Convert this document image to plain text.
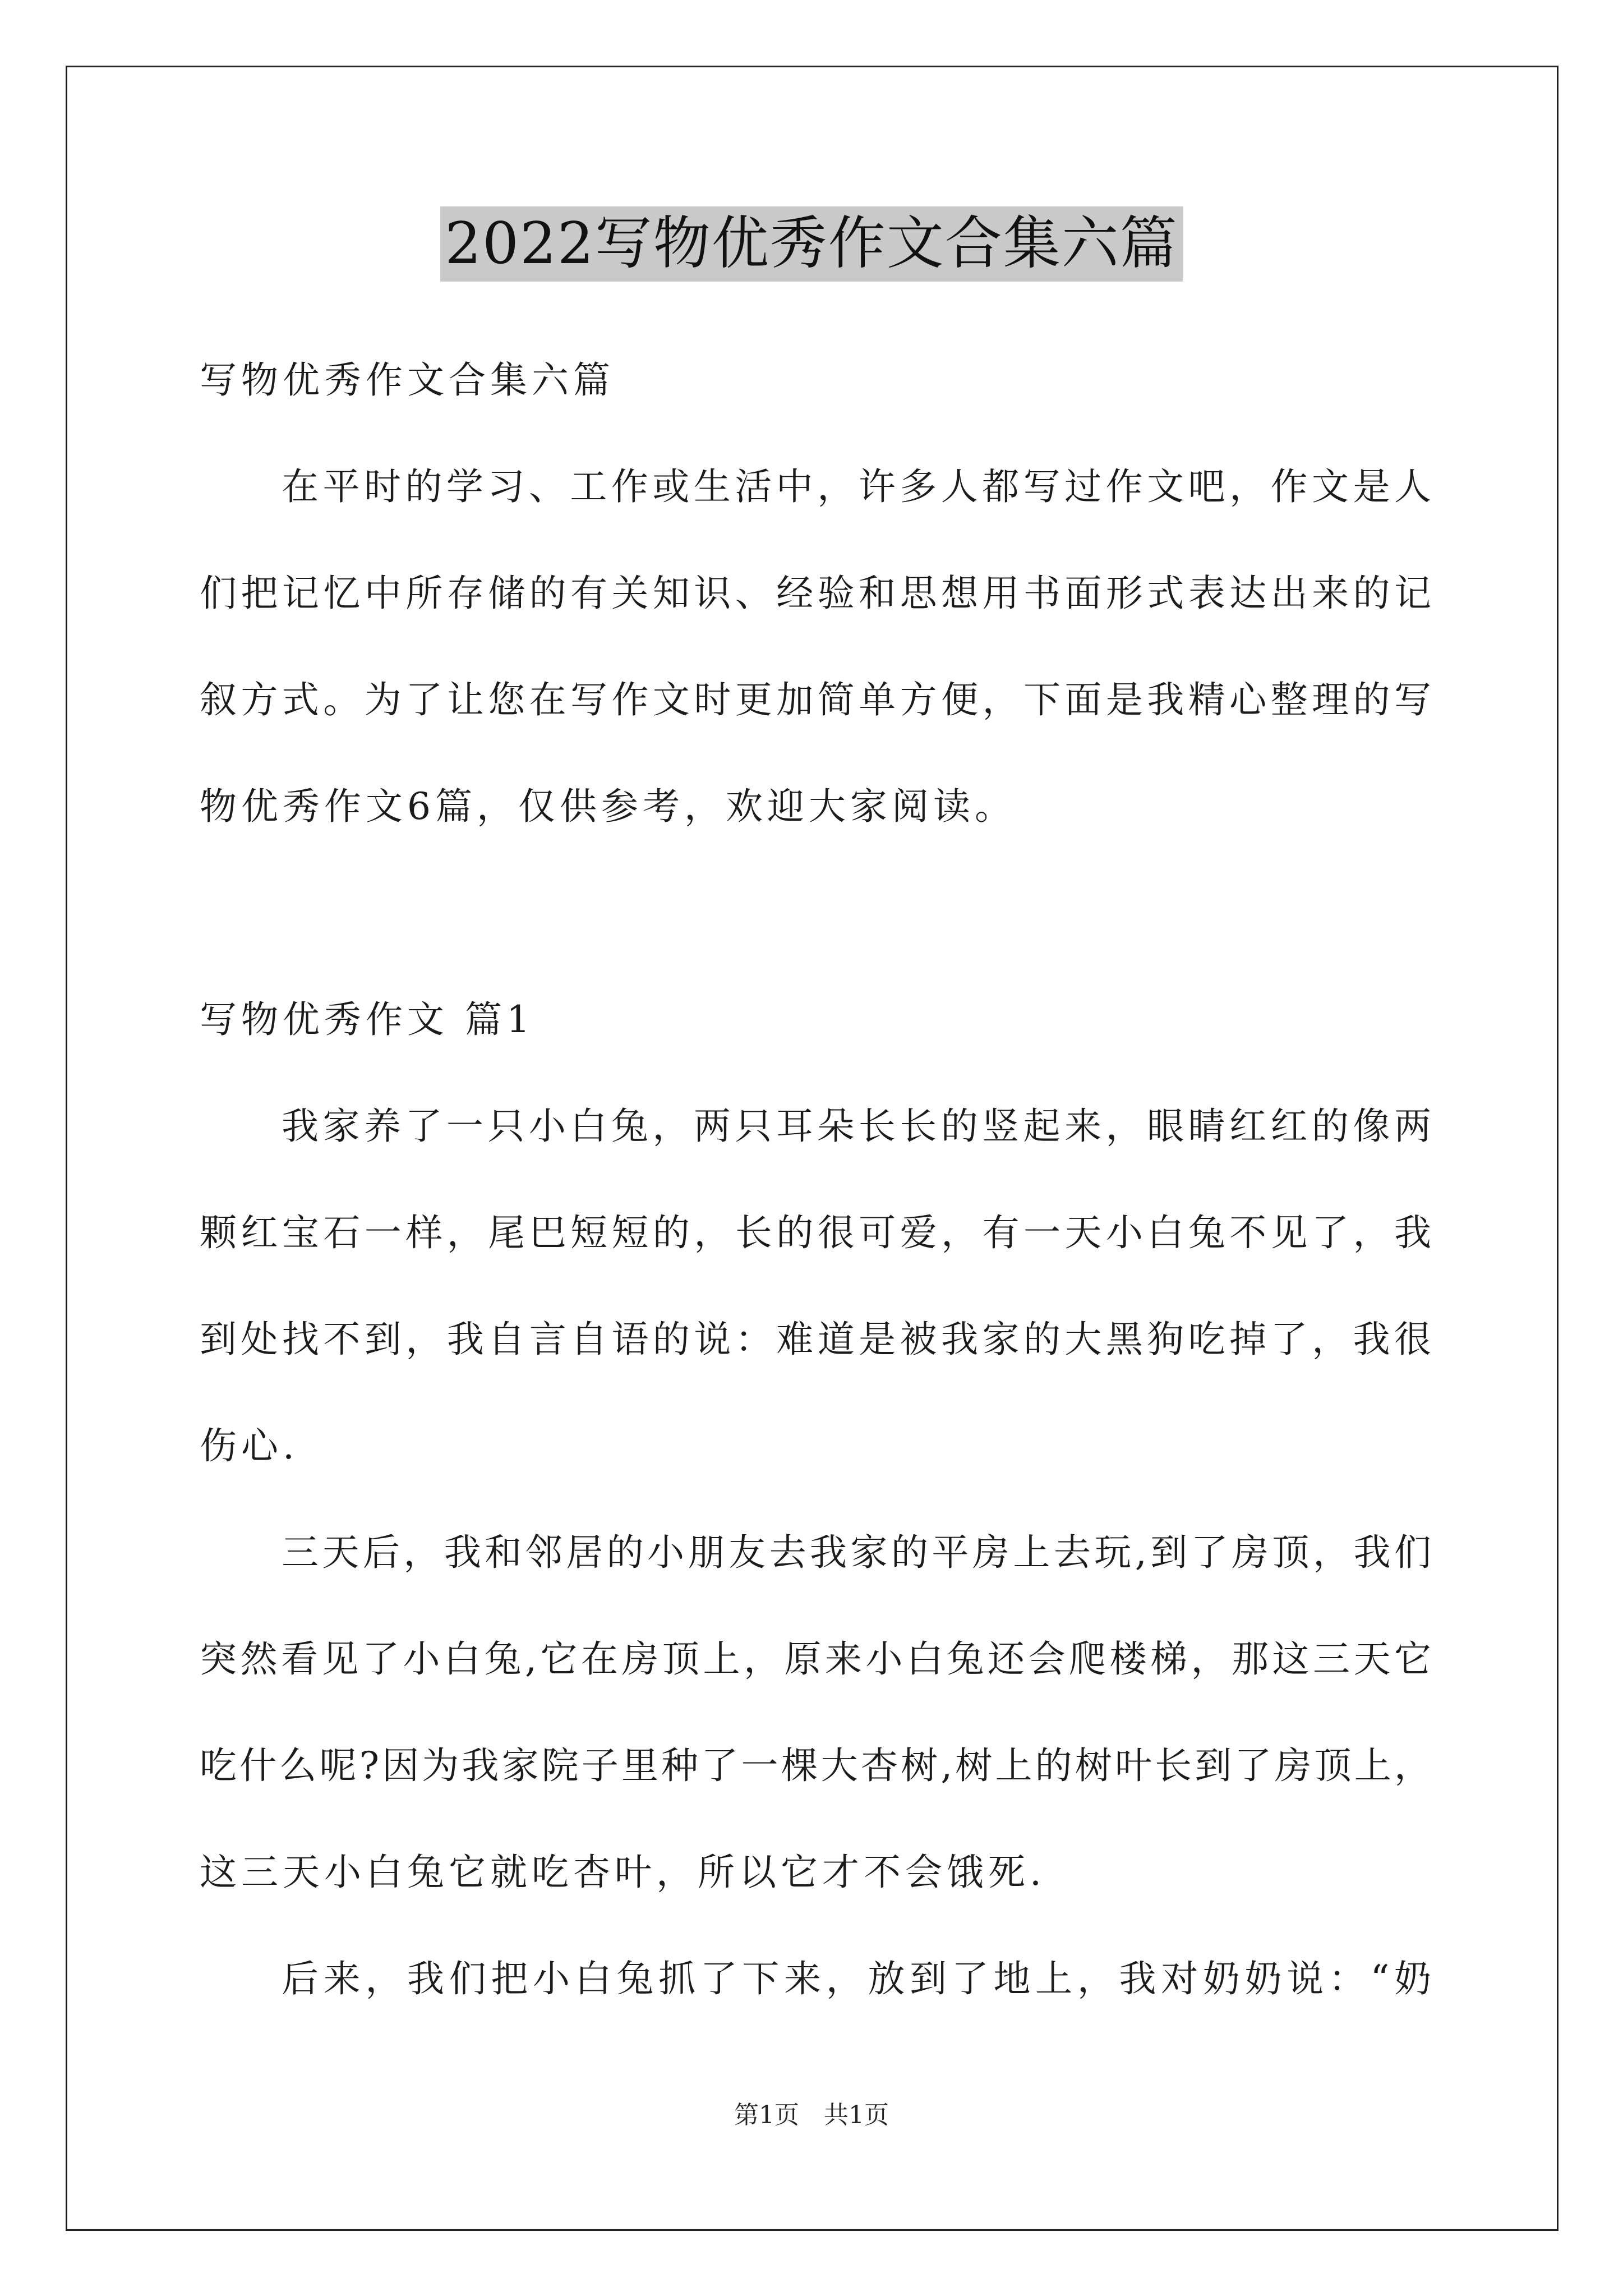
2022写物优秀作文合集六篇
写物优秀作文合集六篇
在平时的学习、工作或生活中，许多人都写过作文吧，作文是人
们把记忆中所存储的有关知识、经验和思想用书面形式表达出来的记
叙方式。为了让您在写作文时更加简单方便，下面是我精心整理的写
物优秀作文6篇，仅供参考，欢迎大家阅读。
写物优秀作文 篇1
我家养了一只小白兔，两只耳朵长长的竖起来，眼睛红红的像两
颗红宝石一样，尾巴短短的，长的很可爱，有一天小白兔不见了，我
到处找不到，我自言自语的说：难道是被我家的大黑狗吃掉了，我很
伤心.
三天后，我和邻居的小朋友去我家的平房上去玩,到了房顶，我们
突然看见了小白兔,它在房顶上，原来小白兔还会爬楼梯，那这三天它
吃什么呢?因为我家院子里种了一棵大杏树,树上的树叶长到了房顶上，
这三天小白兔它就吃杏叶，所以它才不会饿死.
后来，我们把小白兔抓了下来，放到了地上，我对奶奶说：“奶
第1页　共1页
